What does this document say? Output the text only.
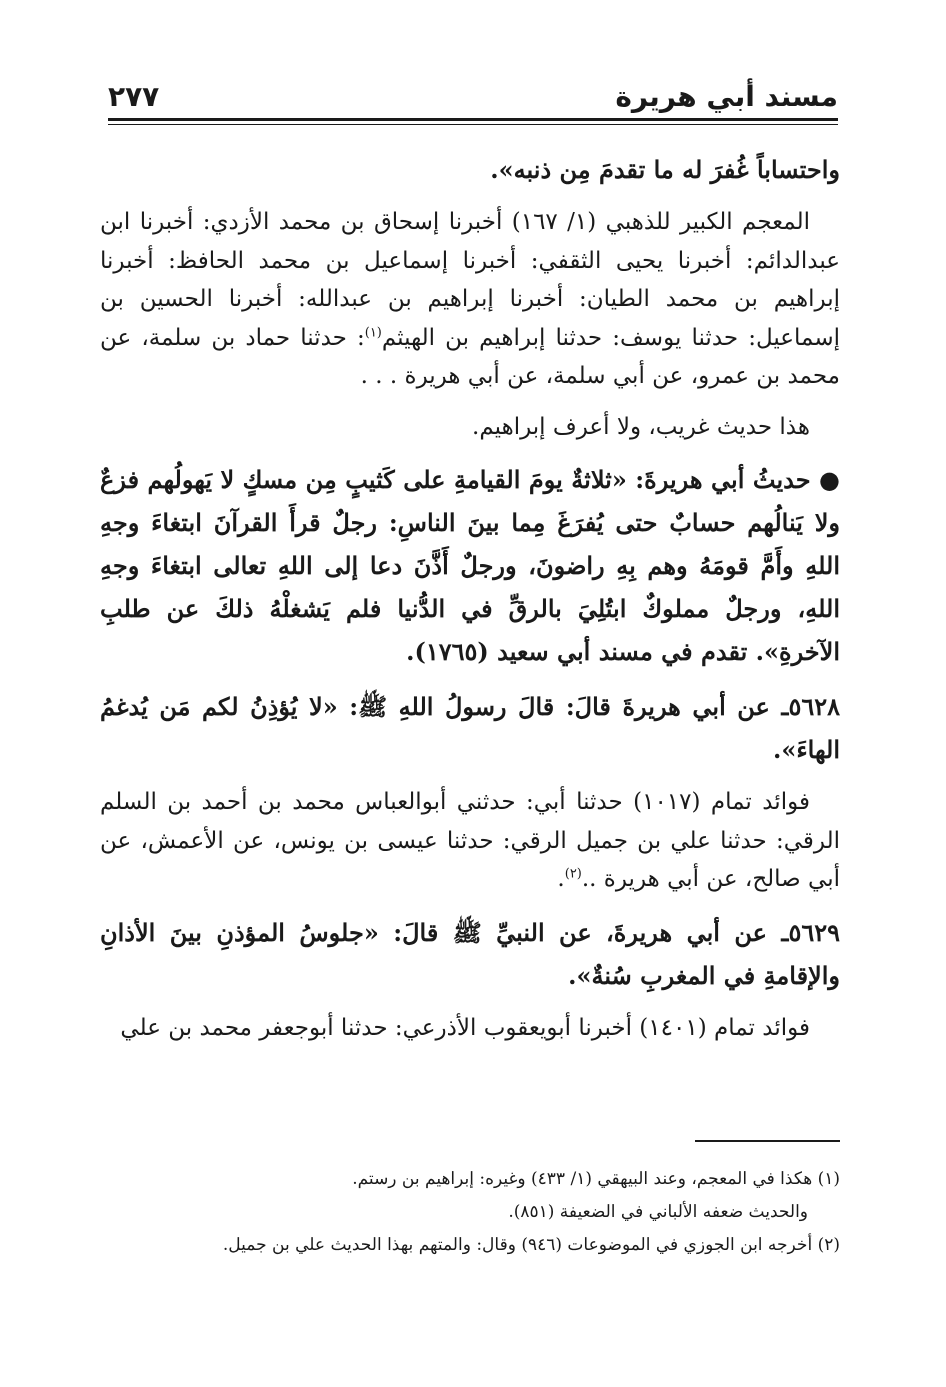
مسند أبي هريرة
٢٧٧

واحتساباً غُفرَ له ما تقدمَ مِن ذنبه».

المعجم الكبير للذهبي (١/ ١٦٧) أخبرنا إسحاق بن محمد الأزدي: أخبرنا ابن عبدالدائم: أخبرنا يحيى الثقفي: أخبرنا إسماعيل بن محمد الحافظ: أخبرنا إبراهيم بن محمد الطيان: أخبرنا إبراهيم بن عبدالله: أخبرنا الحسين بن إسماعيل: حدثنا يوسف: حدثنا إبراهيم بن الهيثم$^{(١)}$: حدثنا حماد بن سلمة، عن محمد بن عمرو، عن أبي سلمة، عن أبي هريرة . . .

هذا حديث غريب، ولا أعرف إبراهيم.

● حديثُ أبي هريرةَ: «ثلاثةٌ يومَ القيامةِ على كَثيبٍ مِن مسكٍ لا يَهولُهم فزعٌ ولا يَنالُهم حسابٌ حتى يُفرَغَ مِما بينَ الناسِ: رجلٌ قرأَ القرآنَ ابتغاءَ وجهِ اللهِ وأَمَّ قومَهُ وهم بِهِ راضونَ، ورجلٌ أَذَّنَ دعا إلى اللهِ تعالى ابتغاءَ وجهِ اللهِ، ورجلٌ مملوكٌ ابتُلِيَ بالرقِّ في الدُّنيا فلم يَشغلْهُ ذلكَ عن طلبِ الآخرةِ». تقدم في مسند أبي سعيد (١٧٦٥).

٥٦٢٨ـ عن أبي هريرةَ قالَ: قالَ رسولُ اللهِ ﷺ: «لا يُؤذِنُ لكم مَن يُدغمُ الهاءَ».

فوائد تمام (١٠١٧) حدثنا أبي: حدثني أبوالعباس محمد بن أحمد بن السلم الرقي: حدثنا علي بن جميل الرقي: حدثنا عيسى بن يونس، عن الأعمش، عن أبي صالح، عن أبي هريرة ..$^{(٢)}$.

٥٦٢٩ـ عن أبي هريرةَ، عن النبيِّ ﷺ قالَ: «جلوسُ المؤذنِ بينَ الأذانِ والإقامةِ في المغربِ سُنةٌ».

فوائد تمام (١٤٠١) أخبرنا أبويعقوب الأذرعي: حدثنا أبوجعفر محمد بن علي

(١) هكذا في المعجم، وعند البيهقي (١/ ٤٣٣) وغيره: إبراهيم بن رستم.

والحديث ضعفه الألباني في الضعيفة (٨٥١).

(٢) أخرجه ابن الجوزي في الموضوعات (٩٤٦) وقال: والمتهم بهذا الحديث علي بن جميل.
